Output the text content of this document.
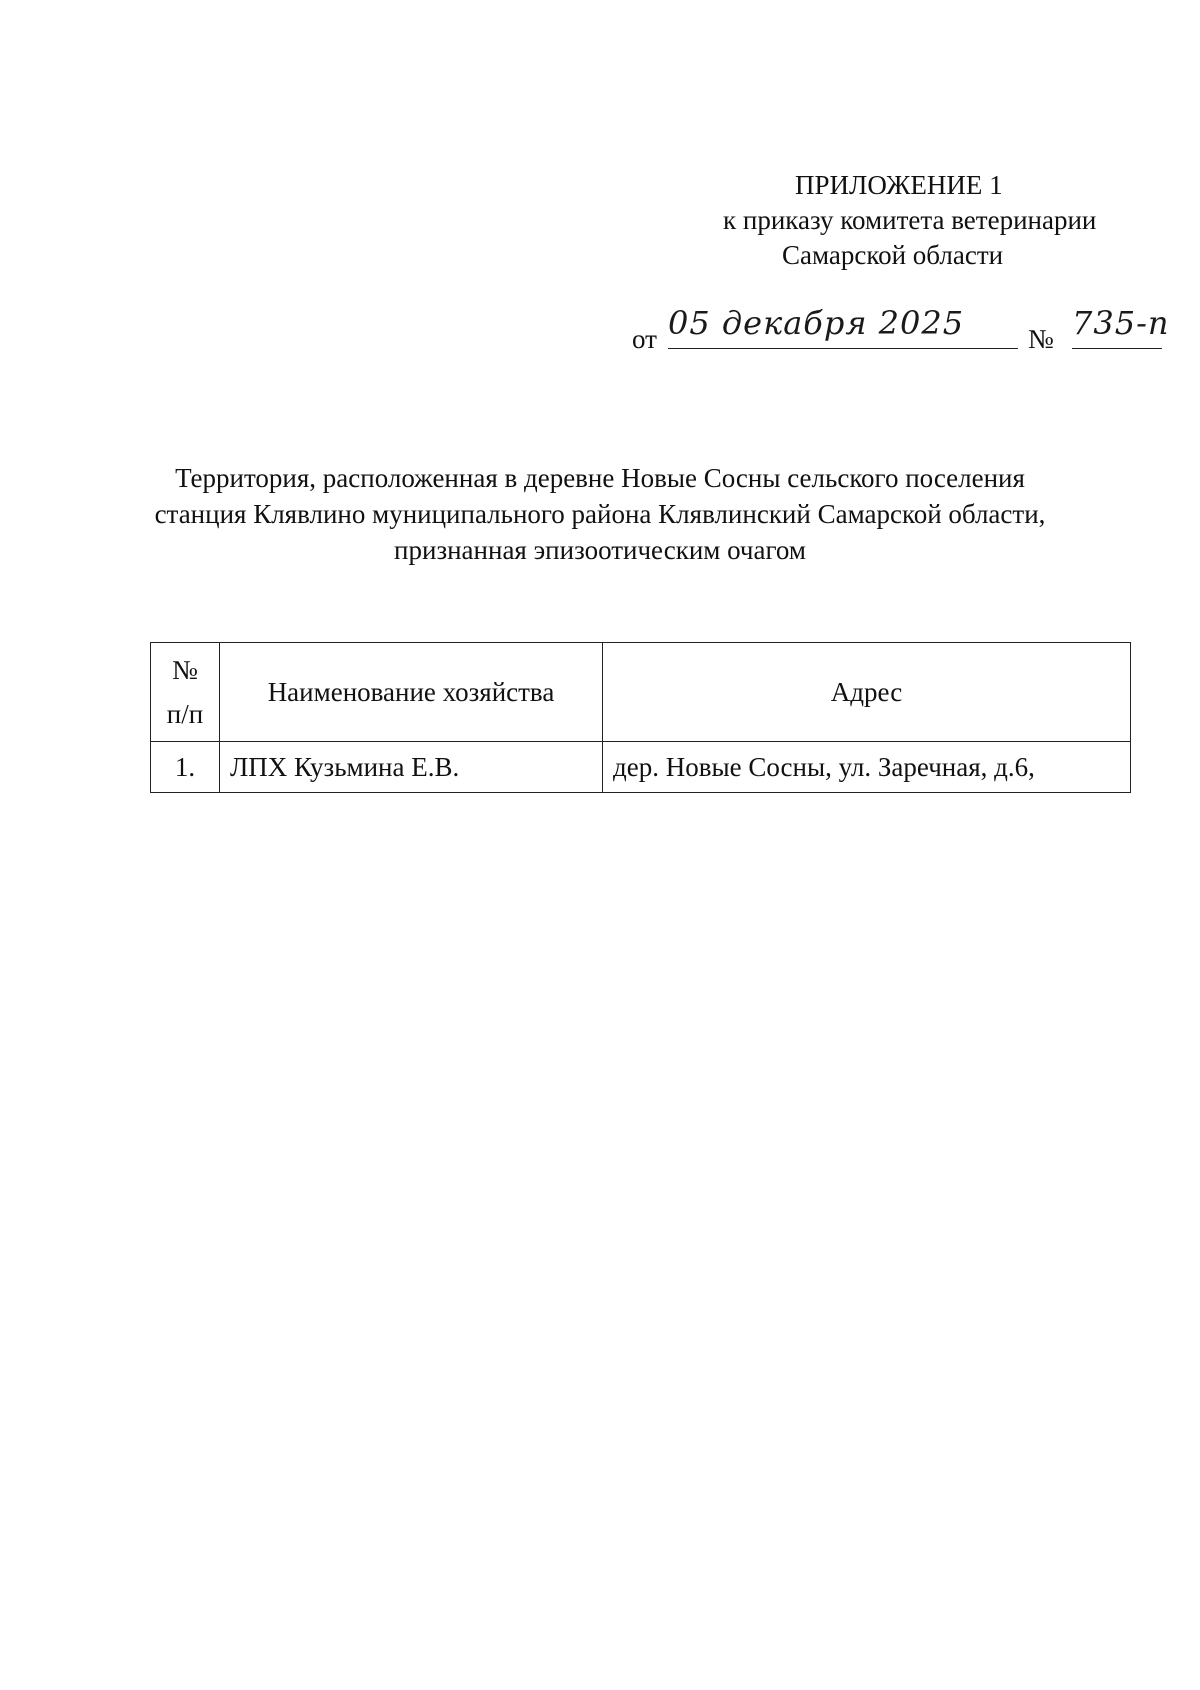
ПРИЛОЖЕНИЕ 1
к приказу комитета ветеринарии
Самарской области
от 05 декабря 2025 № 735-п
Территория, расположенная в деревне Новые Сосны сельского поселения
станция Клявлино муниципального района Клявлинский Самарской области,
признанная эпизоотическим очагом
№
п/п	Наименование хозяйства	Адрес
1.	ЛПХ Кузьмина Е.В.	дер. Новые Сосны, ул. Заречная, д.6,
